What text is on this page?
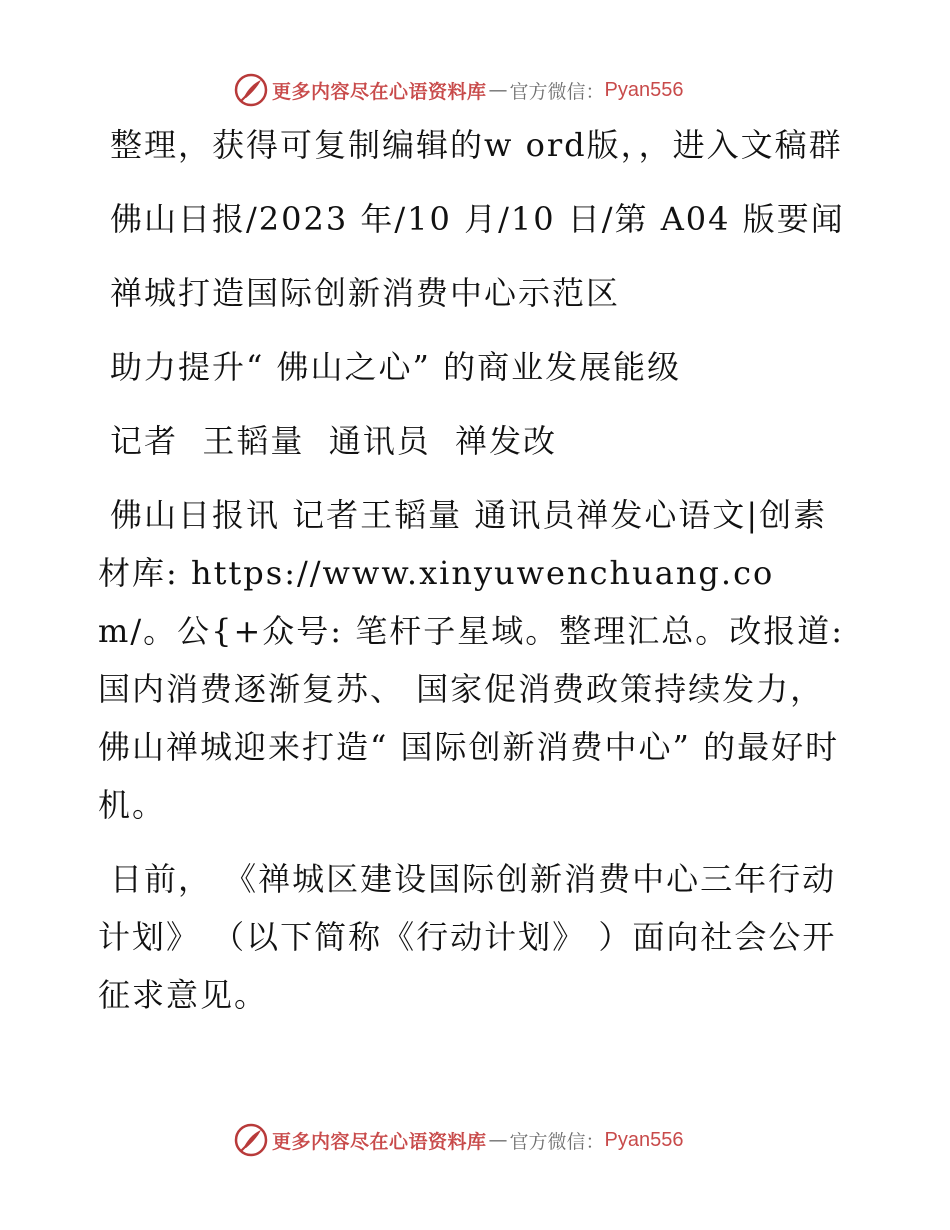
更多内容尽在心语资料库 — 官方微信： Pyan556

整理，获得可复制编辑的w ord版，，进入文稿群

佛山日报/2023 年/10 月/10 日/第 A04 版要闻

禅城打造国际创新消费中心示范区

助力提升“ 佛山之心” 的商业发展能级

记者  王韬量  通讯员  禅发改

佛山日报讯 记者王韬量 通讯员禅发心语文|创素材库: https://www.xinyuwenchuang.com/。公{+众号: 笔杆子星域。整理汇总。改报道: 国内消费逐渐复苏、 国家促消费政策持续发力，佛山禅城迎来打造“ 国际创新消费中心” 的最好时机。

日前， 《禅城区建设国际创新消费中心三年行动计划》 （以下简称《行动计划》 ）面向社会公开征求意见。

更多内容尽在心语资料库 — 官方微信： Pyan556
